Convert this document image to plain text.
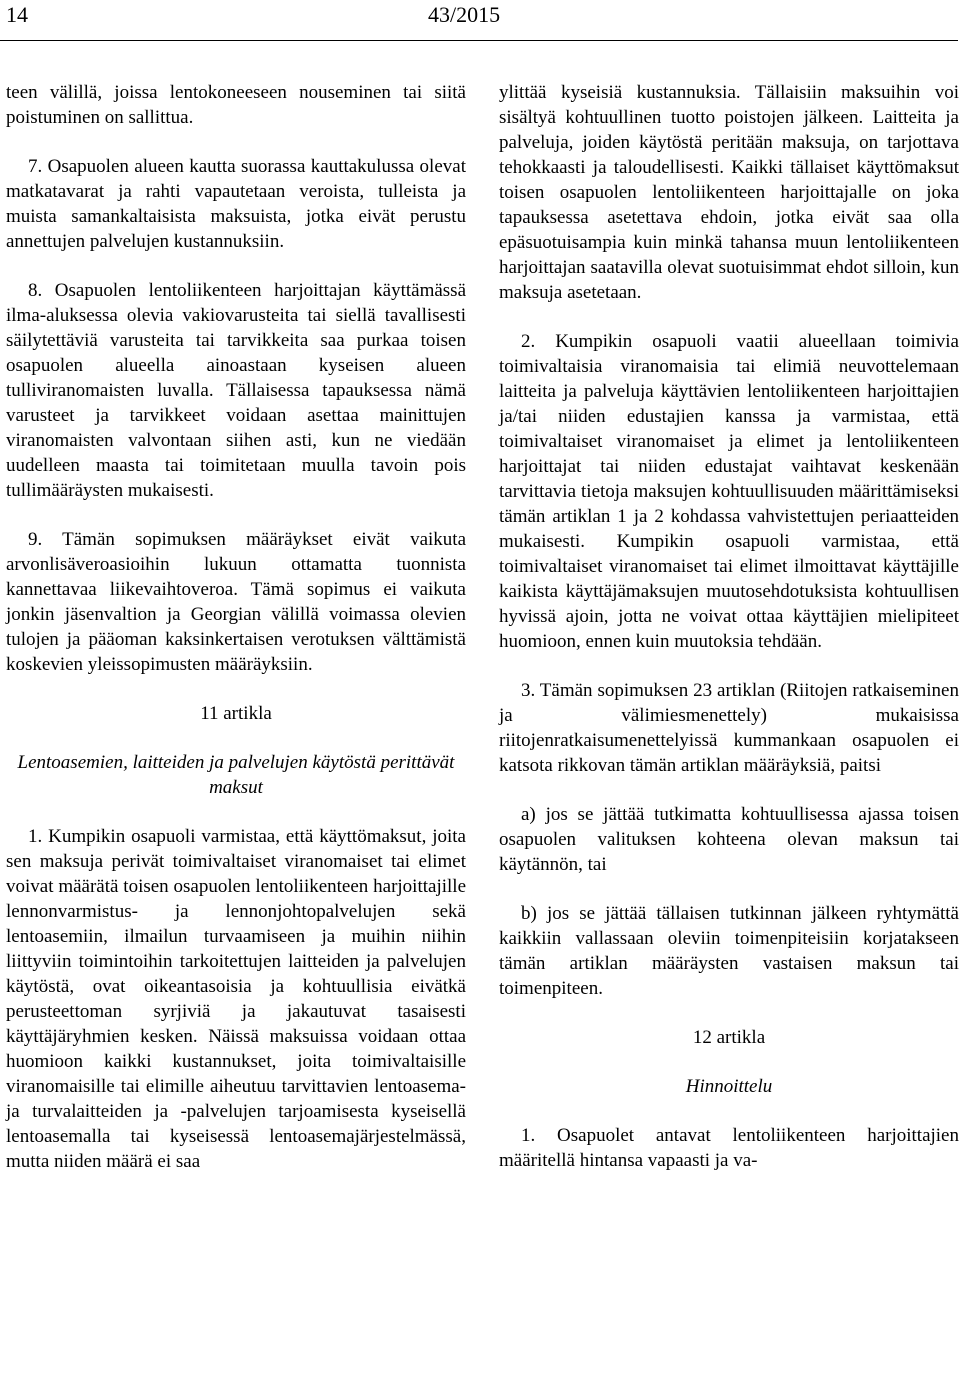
14	43/2015

teen välillä, joissa lentokoneeseen nouseminen tai siitä poistuminen on sallittua.

7. Osapuolen alueen kautta suorassa kauttakulussa olevat matkatavarat ja rahti vapautetaan veroista, tulleista ja muista samankaltaisista maksuista, jotka eivät perustu annettujen palvelujen kustannuksiin.

8. Osapuolen lentoliikenteen harjoittajan käyttämässä ilma-aluksessa olevia vakiovarusteita tai siellä tavallisesti säilytettäviä varusteita tai tarvikkeita saa purkaa toisen osapuolen alueella ainoastaan kyseisen alueen tulliviranomaisten luvalla. Tällaisessa tapauksessa nämä varusteet ja tarvikkeet voidaan asettaa mainittujen viranomaisten valvontaan siihen asti, kun ne viedään uudelleen maasta tai toimitetaan muulla tavoin pois tullimääräysten mukaisesti.

9. Tämän sopimuksen määräykset eivät vaikuta arvonlisäveroasioihin lukuun ottamatta tuonnista kannettavaa liikevaihtoveroa. Tämä sopimus ei vaikuta jonkin jäsenvaltion ja Georgian välillä voimassa olevien tulojen ja pääoman kaksinkertaisen verotuksen välttämistä koskevien yleissopimusten määräyksiin.

11 artikla
Lentoasemien, laitteiden ja palvelujen käytöstä perittävät maksut

1. Kumpikin osapuoli varmistaa, että käyttömaksut, joita sen maksuja perivät toimivaltaiset viranomaiset tai elimet voivat määrätä toisen osapuolen lentoliikenteen harjoittajille lennonvarmistus- ja lennonjohtopalvelujen sekä lentoasemiin, ilmailun turvaamiseen ja muihin niihin liittyviin toimintoihin tarkoitettujen laitteiden ja palvelujen käytöstä, ovat oikeantasoisia ja kohtuullisia eivätkä perusteettoman syrjiviä ja jakautuvat tasaisesti käyttäjäryhmien kesken. Näissä maksuissa voidaan ottaa huomioon kaikki kustannukset, joita toimivaltaisille viranomaisille tai elimille aiheutuu tarvittavien lentoasema- ja turvalaitteiden ja -palvelujen tarjoamisesta kyseisellä lentoasemalla tai kyseisessä lentoasemajärjestelmässä, mutta niiden määrä ei saa

ylittää kyseisiä kustannuksia. Tällaisiin maksuihin voi sisältyä kohtuullinen tuotto poistojen jälkeen. Laitteita ja palveluja, joiden käytöstä peritään maksuja, on tarjottava tehokkaasti ja taloudellisesti. Kaikki tällaiset käyttömaksut toisen osapuolen lentoliikenteen harjoittajalle on joka tapauksessa asetettava ehdoin, jotka eivät saa olla epäsuotuisampia kuin minkä tahansa muun lentoliikenteen harjoittajan saatavilla olevat suotuisimmat ehdot silloin, kun maksuja asetetaan.

2. Kumpikin osapuoli vaatii alueellaan toimivia toimivaltaisia viranomaisia tai elimiä neuvottelemaan laitteita ja palveluja käyttävien lentoliikenteen harjoittajien ja/tai niiden edustajien kanssa ja varmistaa, että toimivaltaiset viranomaiset ja elimet ja lentoliikenteen harjoittajat tai niiden edustajat vaihtavat keskenään tarvittavia tietoja maksujen kohtuullisuuden määrittämiseksi tämän artiklan 1 ja 2 kohdassa vahvistettujen periaatteiden mukaisesti. Kumpikin osapuoli varmistaa, että toimivaltaiset viranomaiset tai elimet ilmoittavat käyttäjille kaikista käyttäjämaksujen muutosehdotuksista kohtuullisen hyvissä ajoin, jotta ne voivat ottaa käyttäjien mielipiteet huomioon, ennen kuin muutoksia tehdään.

3. Tämän sopimuksen 23 artiklan (Riitojen ratkaiseminen ja välimiesmenettely) mukaisissa riitojenratkaisumenettelyissä kummankaan osapuolen ei katsota rikkovan tämän artiklan määräyksiä, paitsi

a) jos se jättää tutkimatta kohtuullisessa ajassa toisen osapuolen valituksen kohteena olevan maksun tai käytännön, tai

b) jos se jättää tällaisen tutkinnan jälkeen ryhtymättä kaikkiin vallassaan oleviin toimenpiteisiin korjatakseen tämän artiklan määräysten vastaisen maksun tai toimenpiteen.

12 artikla
Hinnoittelu

1. Osapuolet antavat lentoliikenteen harjoittajien määritellä hintansa vapaasti ja va-
